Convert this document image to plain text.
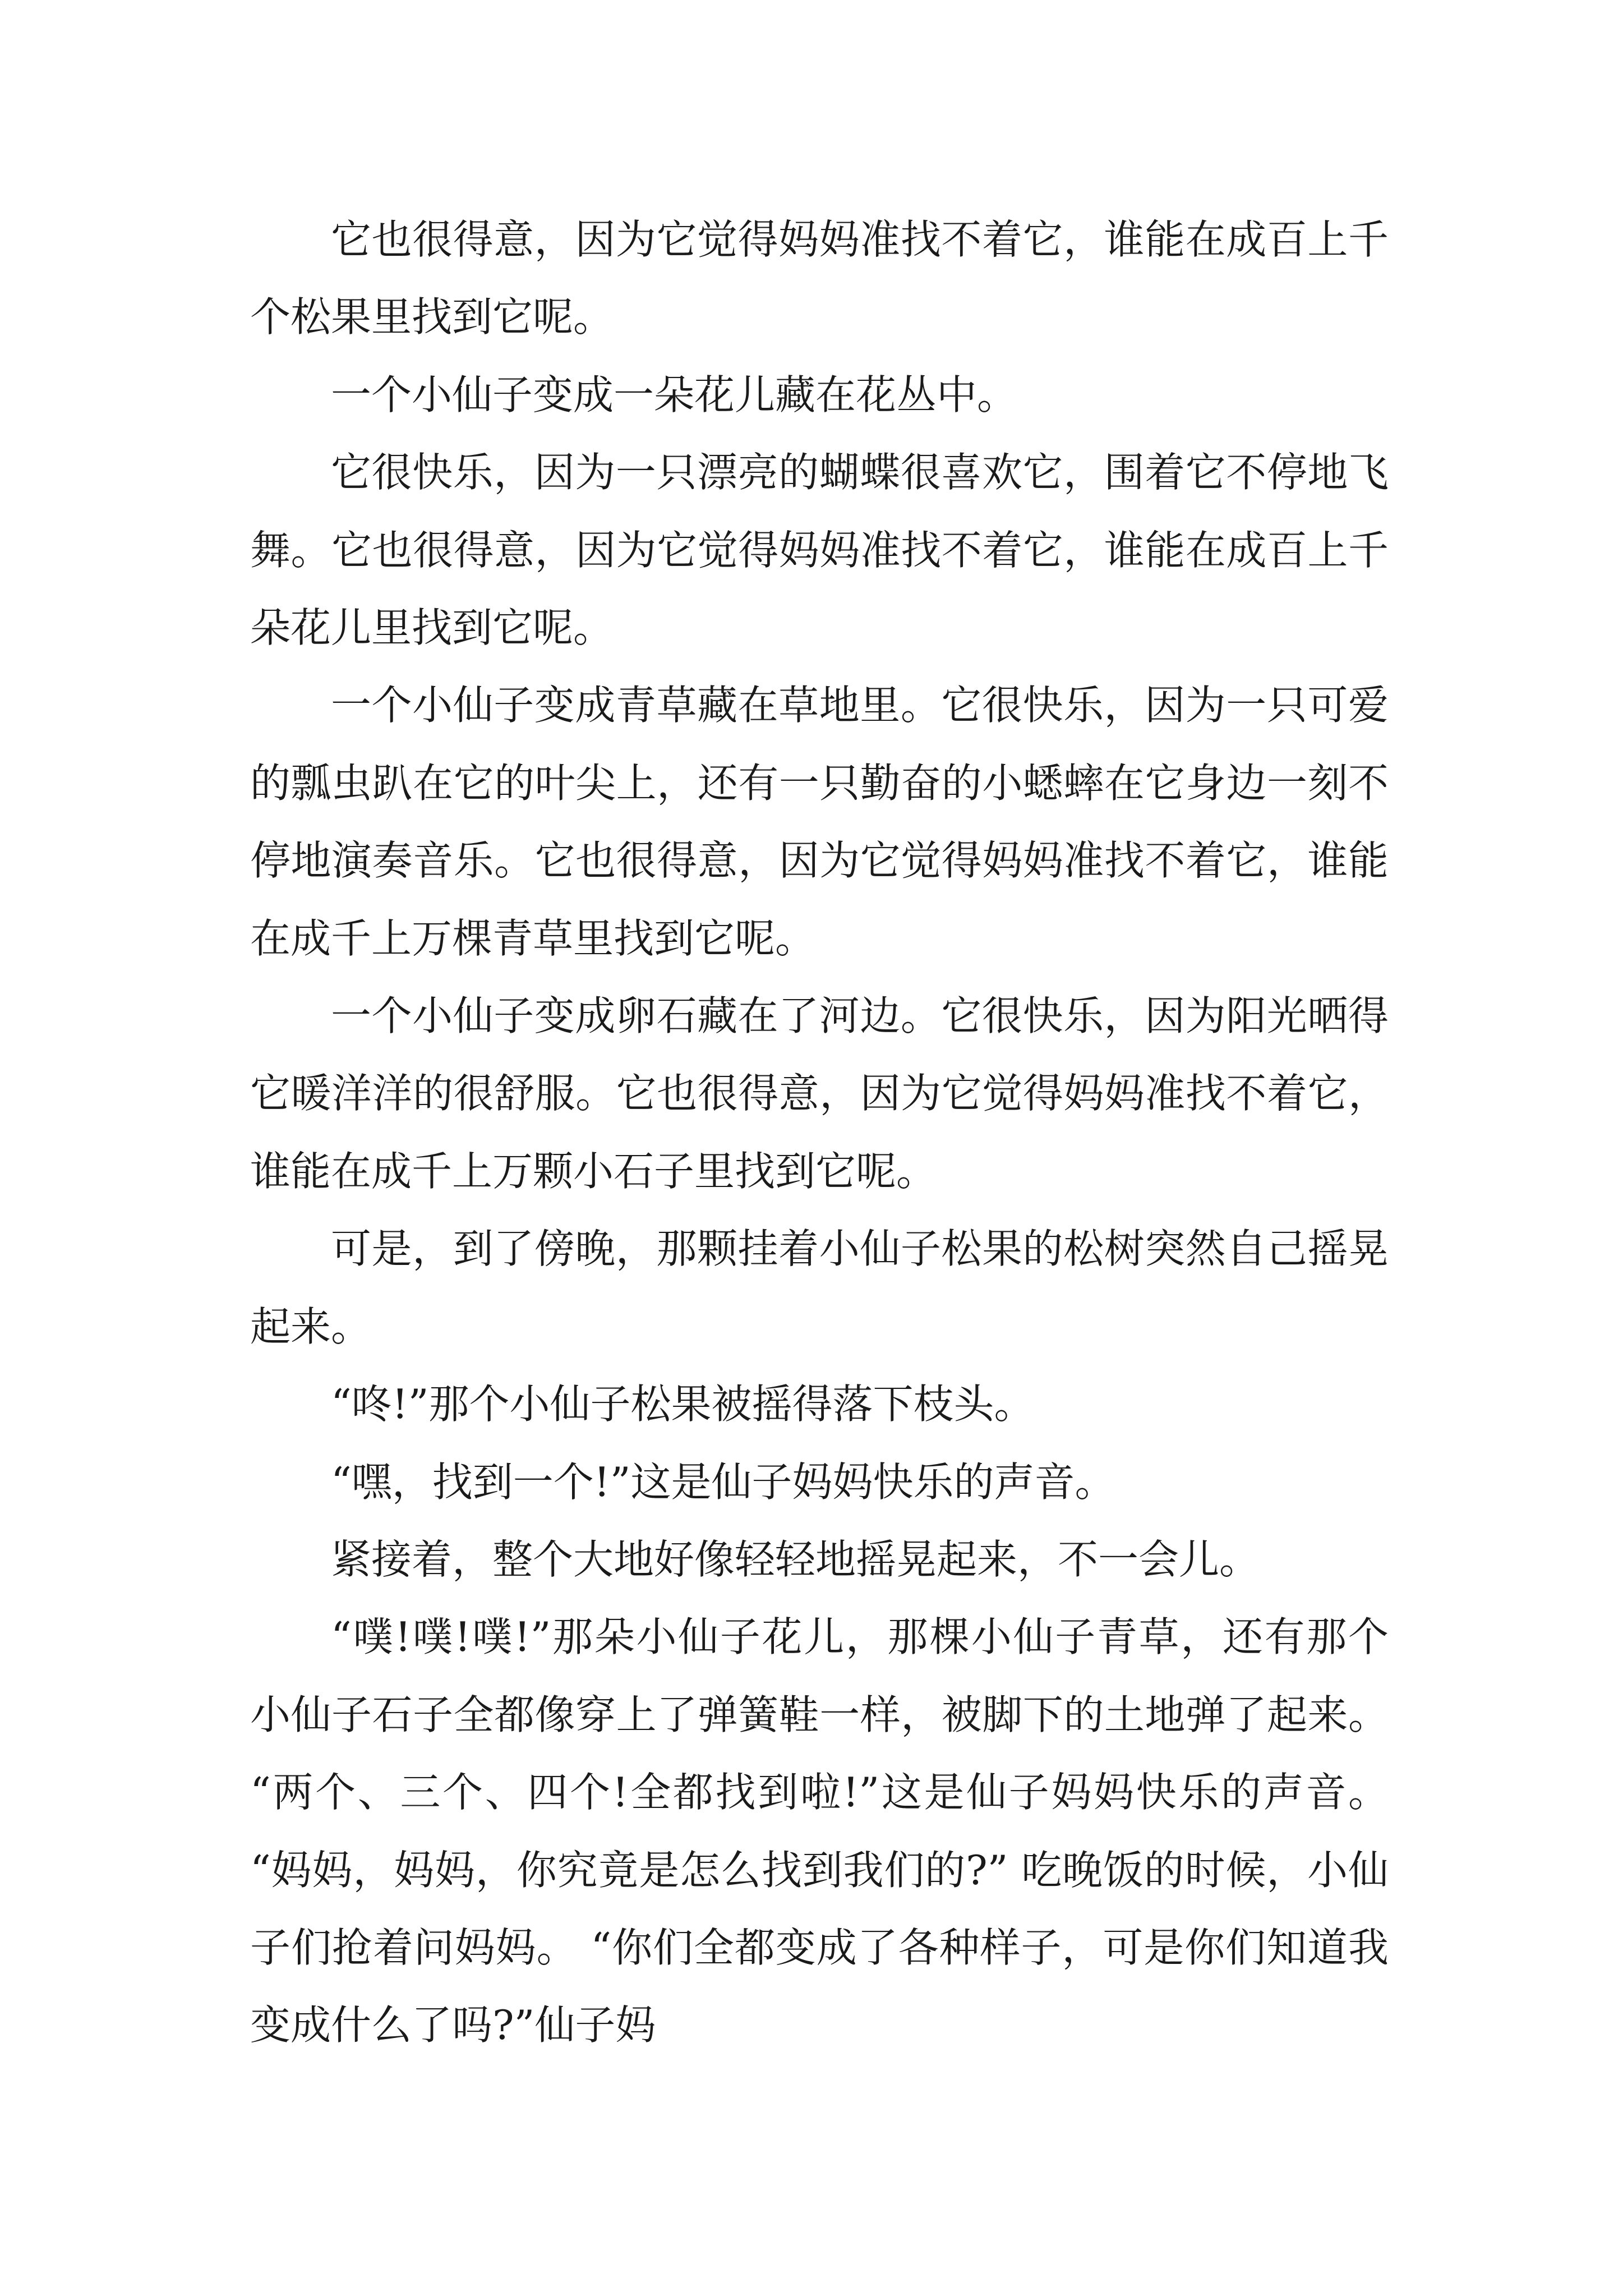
它也很得意，因为它觉得妈妈准找不着它，谁能在成百上千个松果里找到它呢。

一个小仙子变成一朵花儿藏在花丛中。

它很快乐，因为一只漂亮的蝴蝶很喜欢它，围着它不停地飞舞。它也很得意，因为它觉得妈妈准找不着它，谁能在成百上千朵花儿里找到它呢。

一个小仙子变成青草藏在草地里。它很快乐，因为一只可爱的瓢虫趴在它的叶尖上，还有一只勤奋的小蟋蟀在它身边一刻不停地演奏音乐。它也很得意，因为它觉得妈妈准找不着它，谁能在成千上万棵青草里找到它呢。

一个小仙子变成卵石藏在了河边。它很快乐，因为阳光晒得它暖洋洋的很舒服。它也很得意，因为它觉得妈妈准找不着它，谁能在成千上万颗小石子里找到它呢。

可是，到了傍晚，那颗挂着小仙子松果的松树突然自己摇晃起来。

“咚!”那个小仙子松果被摇得落下枝头。

“嘿，找到一个!”这是仙子妈妈快乐的声音。

紧接着，整个大地好像轻轻地摇晃起来，不一会儿。

“噗!噗!噗!”那朵小仙子花儿，那棵小仙子青草，还有那个小仙子石子全都像穿上了弹簧鞋一样，被脚下的土地弹了起来。 “两个、三个、四个!全都找到啦!”这是仙子妈妈快乐的声音。 “妈妈，妈妈，你究竟是怎么找到我们的?” 吃晚饭的时候，小仙子们抢着问妈妈。 “你们全都变成了各种样子，可是你们知道我变成什么了吗?”仙子妈
